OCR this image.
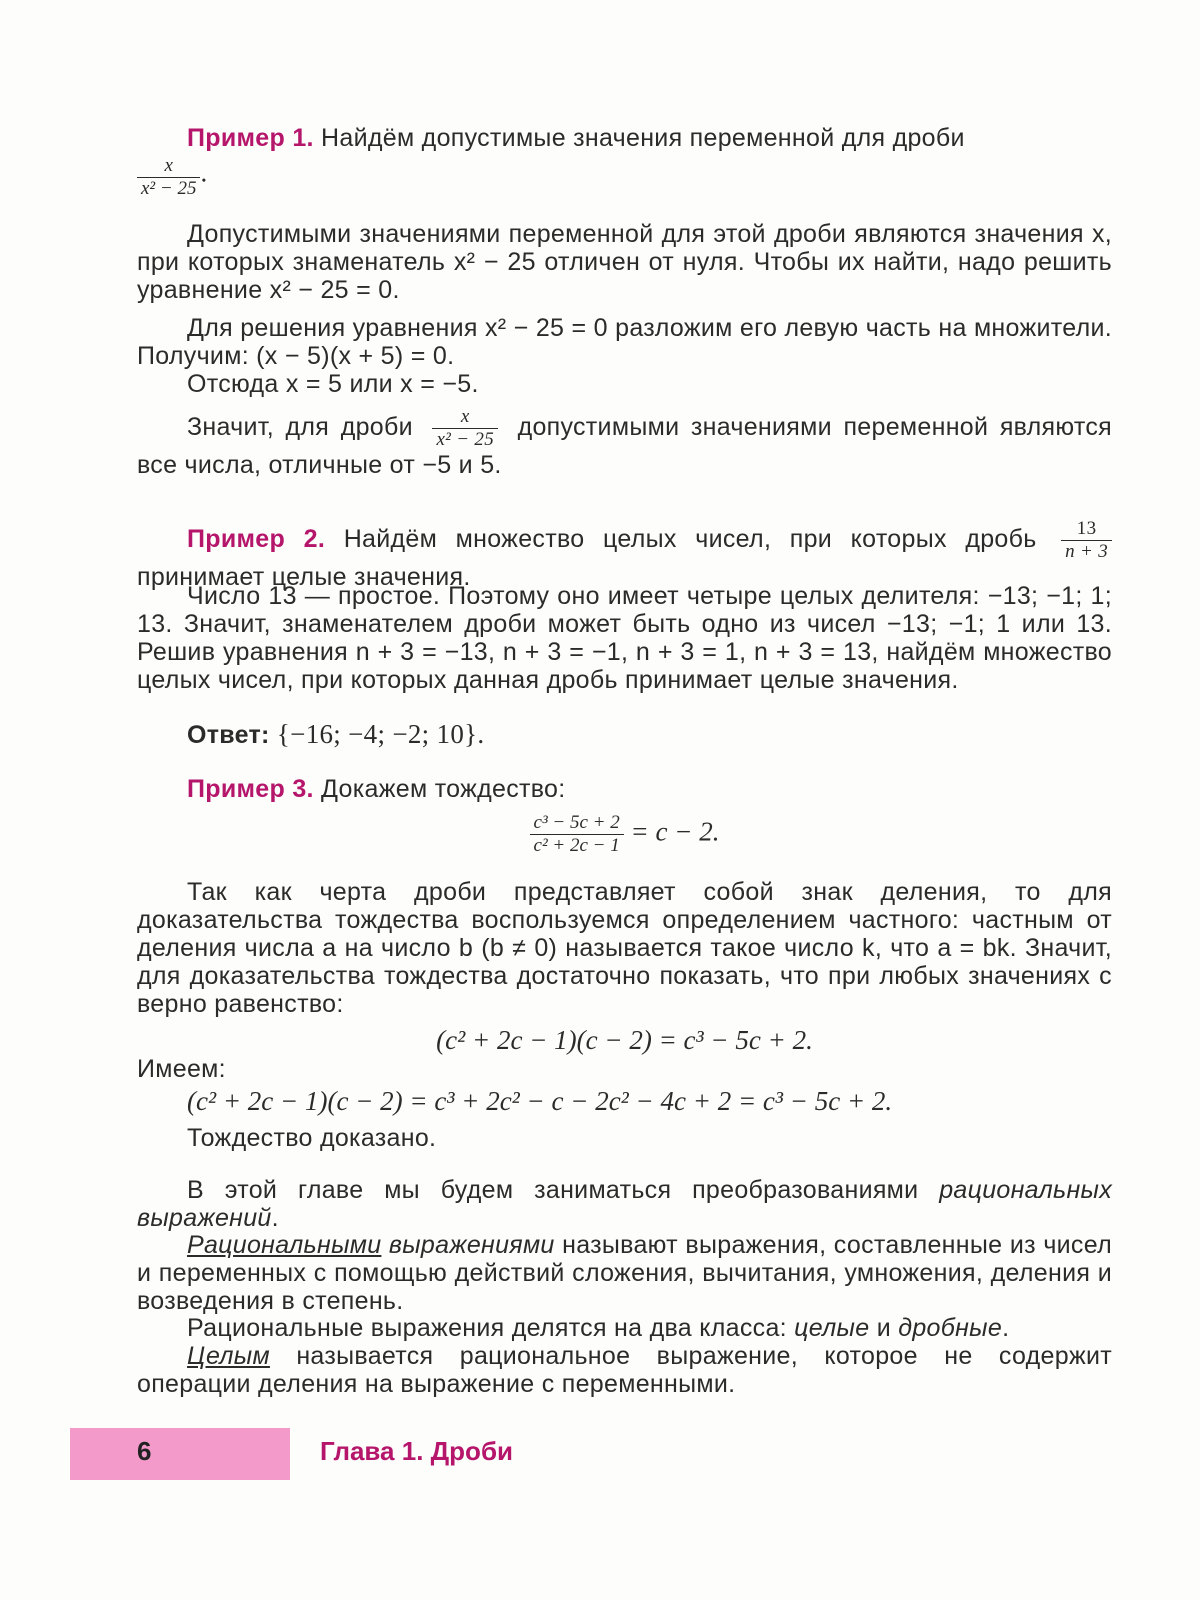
Пример 1. Найдём допустимые значения переменной для дроби

$\frac{x}{\text{x² − 25}}$ .

Допустимыми значениями переменной для этой дроби являются значения x, при которых знаменатель x² − 25 отличен от нуля. Чтобы их найти, надо решить уравнение x² − 25 = 0.

Для решения уравнения x² − 25 = 0 разложим его левую часть на множители. Получим: (x − 5)(x + 5) = 0.

Отсюда x = 5 или x = −5.

Значит, для дроби $\frac{x}{\text{x² − 25}}$ допустимыми значениями переменной являются все числа, отличные от −5 и 5.

Пример 2. Найдём множество целых чисел, при которых дробь $\frac{13}{n + 3}$
принимает целые значения.

Число 13 — простое. Поэтому оно имеет четыре целых делителя: −13; −1; 1; 13. Значит, знаменателем дроби может быть одно из чисел −13; −1; 1 или 13. Решив уравнения n + 3 = −13, n + 3 = −1, n + 3 = 1, n + 3 = 13, найдём множество целых чисел, при которых данная дробь принимает целые значения.

Ответ: {−16; −4; −2; 10}.

Пример 3. Докажем тождество:

$\frac{\text{c³ − 5c + 2}}{\text{c² + 2c − 1}} = c - 2$.

Так как черта дроби представляет собой знак деления, то для доказательства тождества воспользуемся определением частного: частным от деления числа a на число b (b ≠ 0) называется такое число k, что a = bk. Значит, для доказательства тождества достаточно показать, что при любых значениях c верно равенство:

(c² + 2c − 1)(c − 2) = c³ − 5c + 2.

Имеем:

(c² + 2c − 1)(c − 2) = c³ + 2c² − c − 2c² − 4c + 2 = c³ − 5c + 2.

Тождество доказано.

В этой главе мы будем заниматься преобразованиями рациональных выражений.

Рациональными выражениями называют выражения, составленные из чисел и переменных с помощью действий сложения, вычитания, умножения, деления и возведения в степень.

Рациональные выражения делятся на два класса: целые и дробные.

Целым называется рациональное выражение, которое не содержит операции деления на выражение с переменными.

6	Глава 1. Дроби
